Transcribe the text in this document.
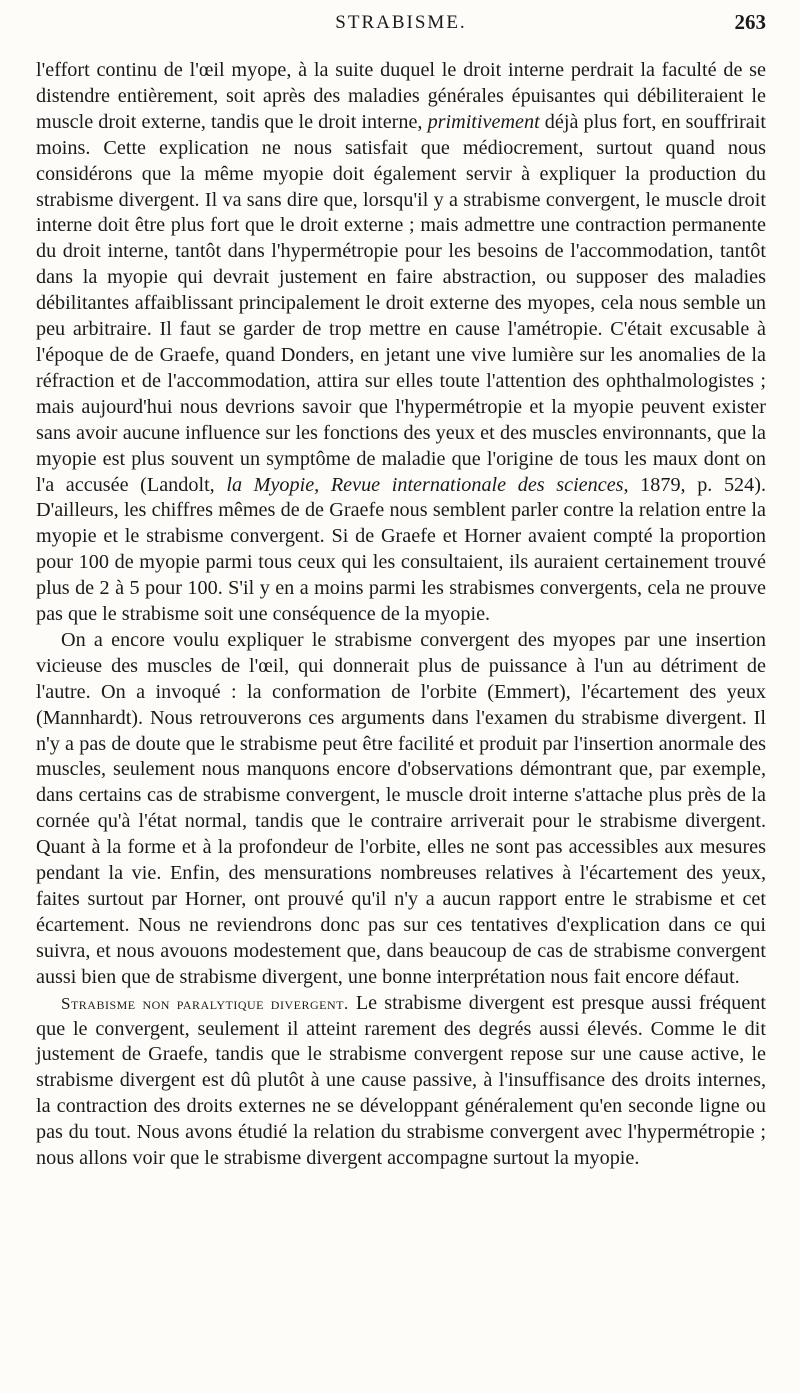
STRABISME.	263

l'effort continu de l'œil myope, à la suite duquel le droit interne perdrait la faculté de se distendre entièrement, soit après des maladies générales épuisantes qui débiliteraient le muscle droit externe, tandis que le droit interne, primitivement déjà plus fort, en souffrirait moins. Cette explication ne nous satisfait que médiocrement, surtout quand nous considérons que la même myopie doit également servir à expliquer la production du strabisme divergent. Il va sans dire que, lorsqu'il y a strabisme convergent, le muscle droit interne doit être plus fort que le droit externe ; mais admettre une contraction permanente du droit interne, tantôt dans l'hypermétropie pour les besoins de l'accommodation, tantôt dans la myopie qui devrait justement en faire abstraction, ou supposer des maladies débilitantes affaiblissant principalement le droit externe des myopes, cela nous semble un peu arbitraire. Il faut se garder de trop mettre en cause l'amétropie. C'était excusable à l'époque de de Graefe, quand Donders, en jetant une vive lumière sur les anomalies de la réfraction et de l'accommodation, attira sur elles toute l'attention des ophthalmologistes ; mais aujourd'hui nous devrions savoir que l'hypermétropie et la myopie peuvent exister sans avoir aucune influence sur les fonctions des yeux et des muscles environnants, que la myopie est plus souvent un symptôme de maladie que l'origine de tous les maux dont on l'a accusée (Landolt, la Myopie, Revue internationale des sciences, 1879, p. 524). D'ailleurs, les chiffres mêmes de de Graefe nous semblent parler contre la relation entre la myopie et le strabisme convergent. Si de Graefe et Horner avaient compté la proportion pour 100 de myopie parmi tous ceux qui les consultaient, ils auraient certainement trouvé plus de 2 à 5 pour 100. S'il y en a moins parmi les strabismes convergents, cela ne prouve pas que le strabisme soit une conséquence de la myopie.

On a encore voulu expliquer le strabisme convergent des myopes par une insertion vicieuse des muscles de l'œil, qui donnerait plus de puissance à l'un au détriment de l'autre. On a invoqué : la conformation de l'orbite (Emmert), l'écartement des yeux (Mannhardt). Nous retrouverons ces arguments dans l'examen du strabisme divergent. Il n'y a pas de doute que le strabisme peut être facilité et produit par l'insertion anormale des muscles, seulement nous manquons encore d'observations démontrant que, par exemple, dans certains cas de strabisme convergent, le muscle droit interne s'attache plus près de la cornée qu'à l'état normal, tandis que le contraire arriverait pour le strabisme divergent. Quant à la forme et à la profondeur de l'orbite, elles ne sont pas accessibles aux mesures pendant la vie. Enfin, des mensurations nombreuses relatives à l'écartement des yeux, faites surtout par Horner, ont prouvé qu'il n'y a aucun rapport entre le strabisme et cet écartement. Nous ne reviendrons donc pas sur ces tentatives d'explication dans ce qui suivra, et nous avouons modestement que, dans beaucoup de cas de strabisme convergent aussi bien que de strabisme divergent, une bonne interprétation nous fait encore défaut.

Strabisme non paralytique divergent. Le strabisme divergent est presque aussi fréquent que le convergent, seulement il atteint rarement des degrés aussi élevés. Comme le dit justement de Graefe, tandis que le strabisme convergent repose sur une cause active, le strabisme divergent est dû plutôt à une cause passive, à l'insuffisance des droits internes, la contraction des droits externes ne se développant généralement qu'en seconde ligne ou pas du tout. Nous avons étudié la relation du strabisme convergent avec l'hypermétropie ; nous allons voir que le strabisme divergent accompagne surtout la myopie.
